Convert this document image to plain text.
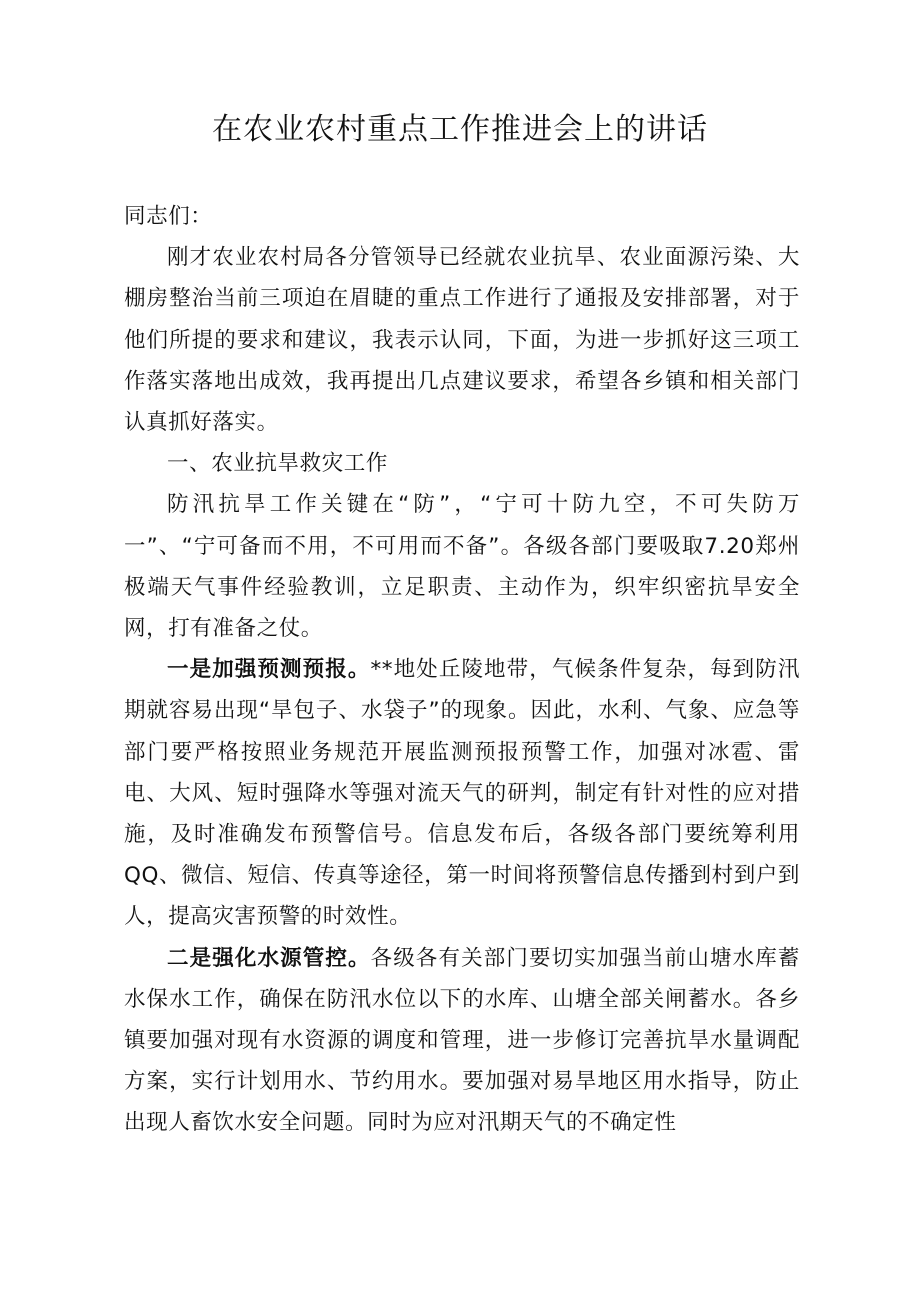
在农业农村重点工作推进会上的讲话

同志们：

刚才农业农村局各分管领导已经就农业抗旱、农业面源污染、大棚房整治当前三项迫在眉睫的重点工作进行了通报及安排部署，对于他们所提的要求和建议，我表示认同，下面，为进一步抓好这三项工作落实落地出成效，我再提出几点建议要求，希望各乡镇和相关部门认真抓好落实。

一、农业抗旱救灾工作

防汛抗旱工作关键在“防”，“宁可十防九空，不可失防万一”、“宁可备而不用，不可用而不备”。各级各部门要吸取7.20郑州极端天气事件经验教训，立足职责、主动作为，织牢织密抗旱安全网，打有准备之仗。

一是加强预测预报。**地处丘陵地带，气候条件复杂，每到防汛期就容易出现“旱包子、水袋子”的现象。因此，水利、气象、应急等部门要严格按照业务规范开展监测预报预警工作，加强对冰雹、雷电、大风、短时强降水等强对流天气的研判，制定有针对性的应对措施，及时准确发布预警信号。信息发布后，各级各部门要统筹利用QQ、微信、短信、传真等途径，第一时间将预警信息传播到村到户到人，提高灾害预警的时效性。

二是强化水源管控。各级各有关部门要切实加强当前山塘水库蓄水保水工作，确保在防汛水位以下的水库、山塘全部关闸蓄水。各乡镇要加强对现有水资源的调度和管理，进一步修订完善抗旱水量调配方案，实行计划用水、节约用水。要加强对易旱地区用水指导，防止出现人畜饮水安全问题。同时为应对汛期天气的不确定性
